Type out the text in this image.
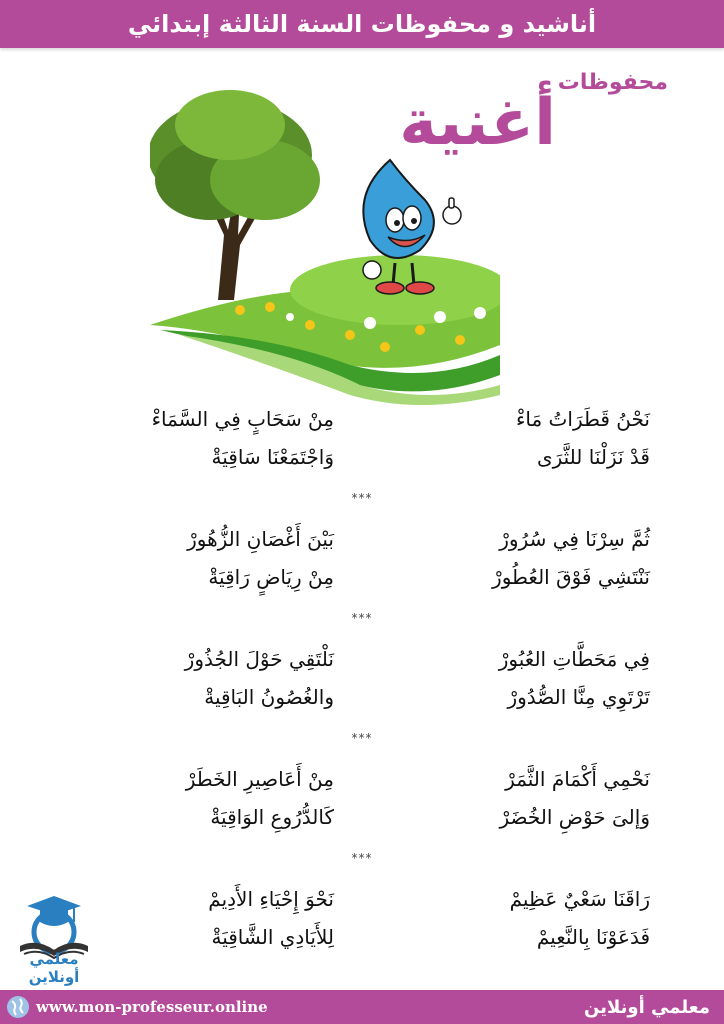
أناشيد و محفوظات السنة الثالثة إبتدائي
محفوظات
أغنية
نَحْنُ قَطَرَاتُ مَاءْ
مِنْ سَحَابٍ فِي السَّمَاءْ
قَدْ نَزَلْنَا للثَّرَى
وَاجْتَمَعْنَا سَاقِيَةْ
***
ثُمَّ سِرْنَا فِي سُرُورْ
بَيْنَ أَغْصَانِ الزُّهُورْ
نَنْتَشِي فَوْقَ العُطُورْ
مِنْ رِيَاضٍ رَاقِيَةْ
***
فِي مَحَطَّاتِ العُبُورْ
نَلْتَقِي حَوْلَ الجُذُورْ
تَرْتَوِي مِنَّا الصُّدُورْ
والغُصُونُ البَاقِيةْ
***
نَحْمِي أَكْمَامَ الثَّمَرْ
مِنْ أَعَاصِيرِ الخَطَرْ
وَإلىَ حَوْضِ الخُضَرْ
كَالدُّرُوعِ الوَاقِيَةْ
***
رَاقَنَا سَعْيٌ عَظِيمْ
نَحْوَ إِحْيَاءِ الأَدِيمْ
فَدَعَوْنَا بِالنَّعِيمْ
لِلأَيَادِي الشَّاقِيَةْ
معلمي أونلاين
www.mon-professeur.online	معلمي أونلاين
